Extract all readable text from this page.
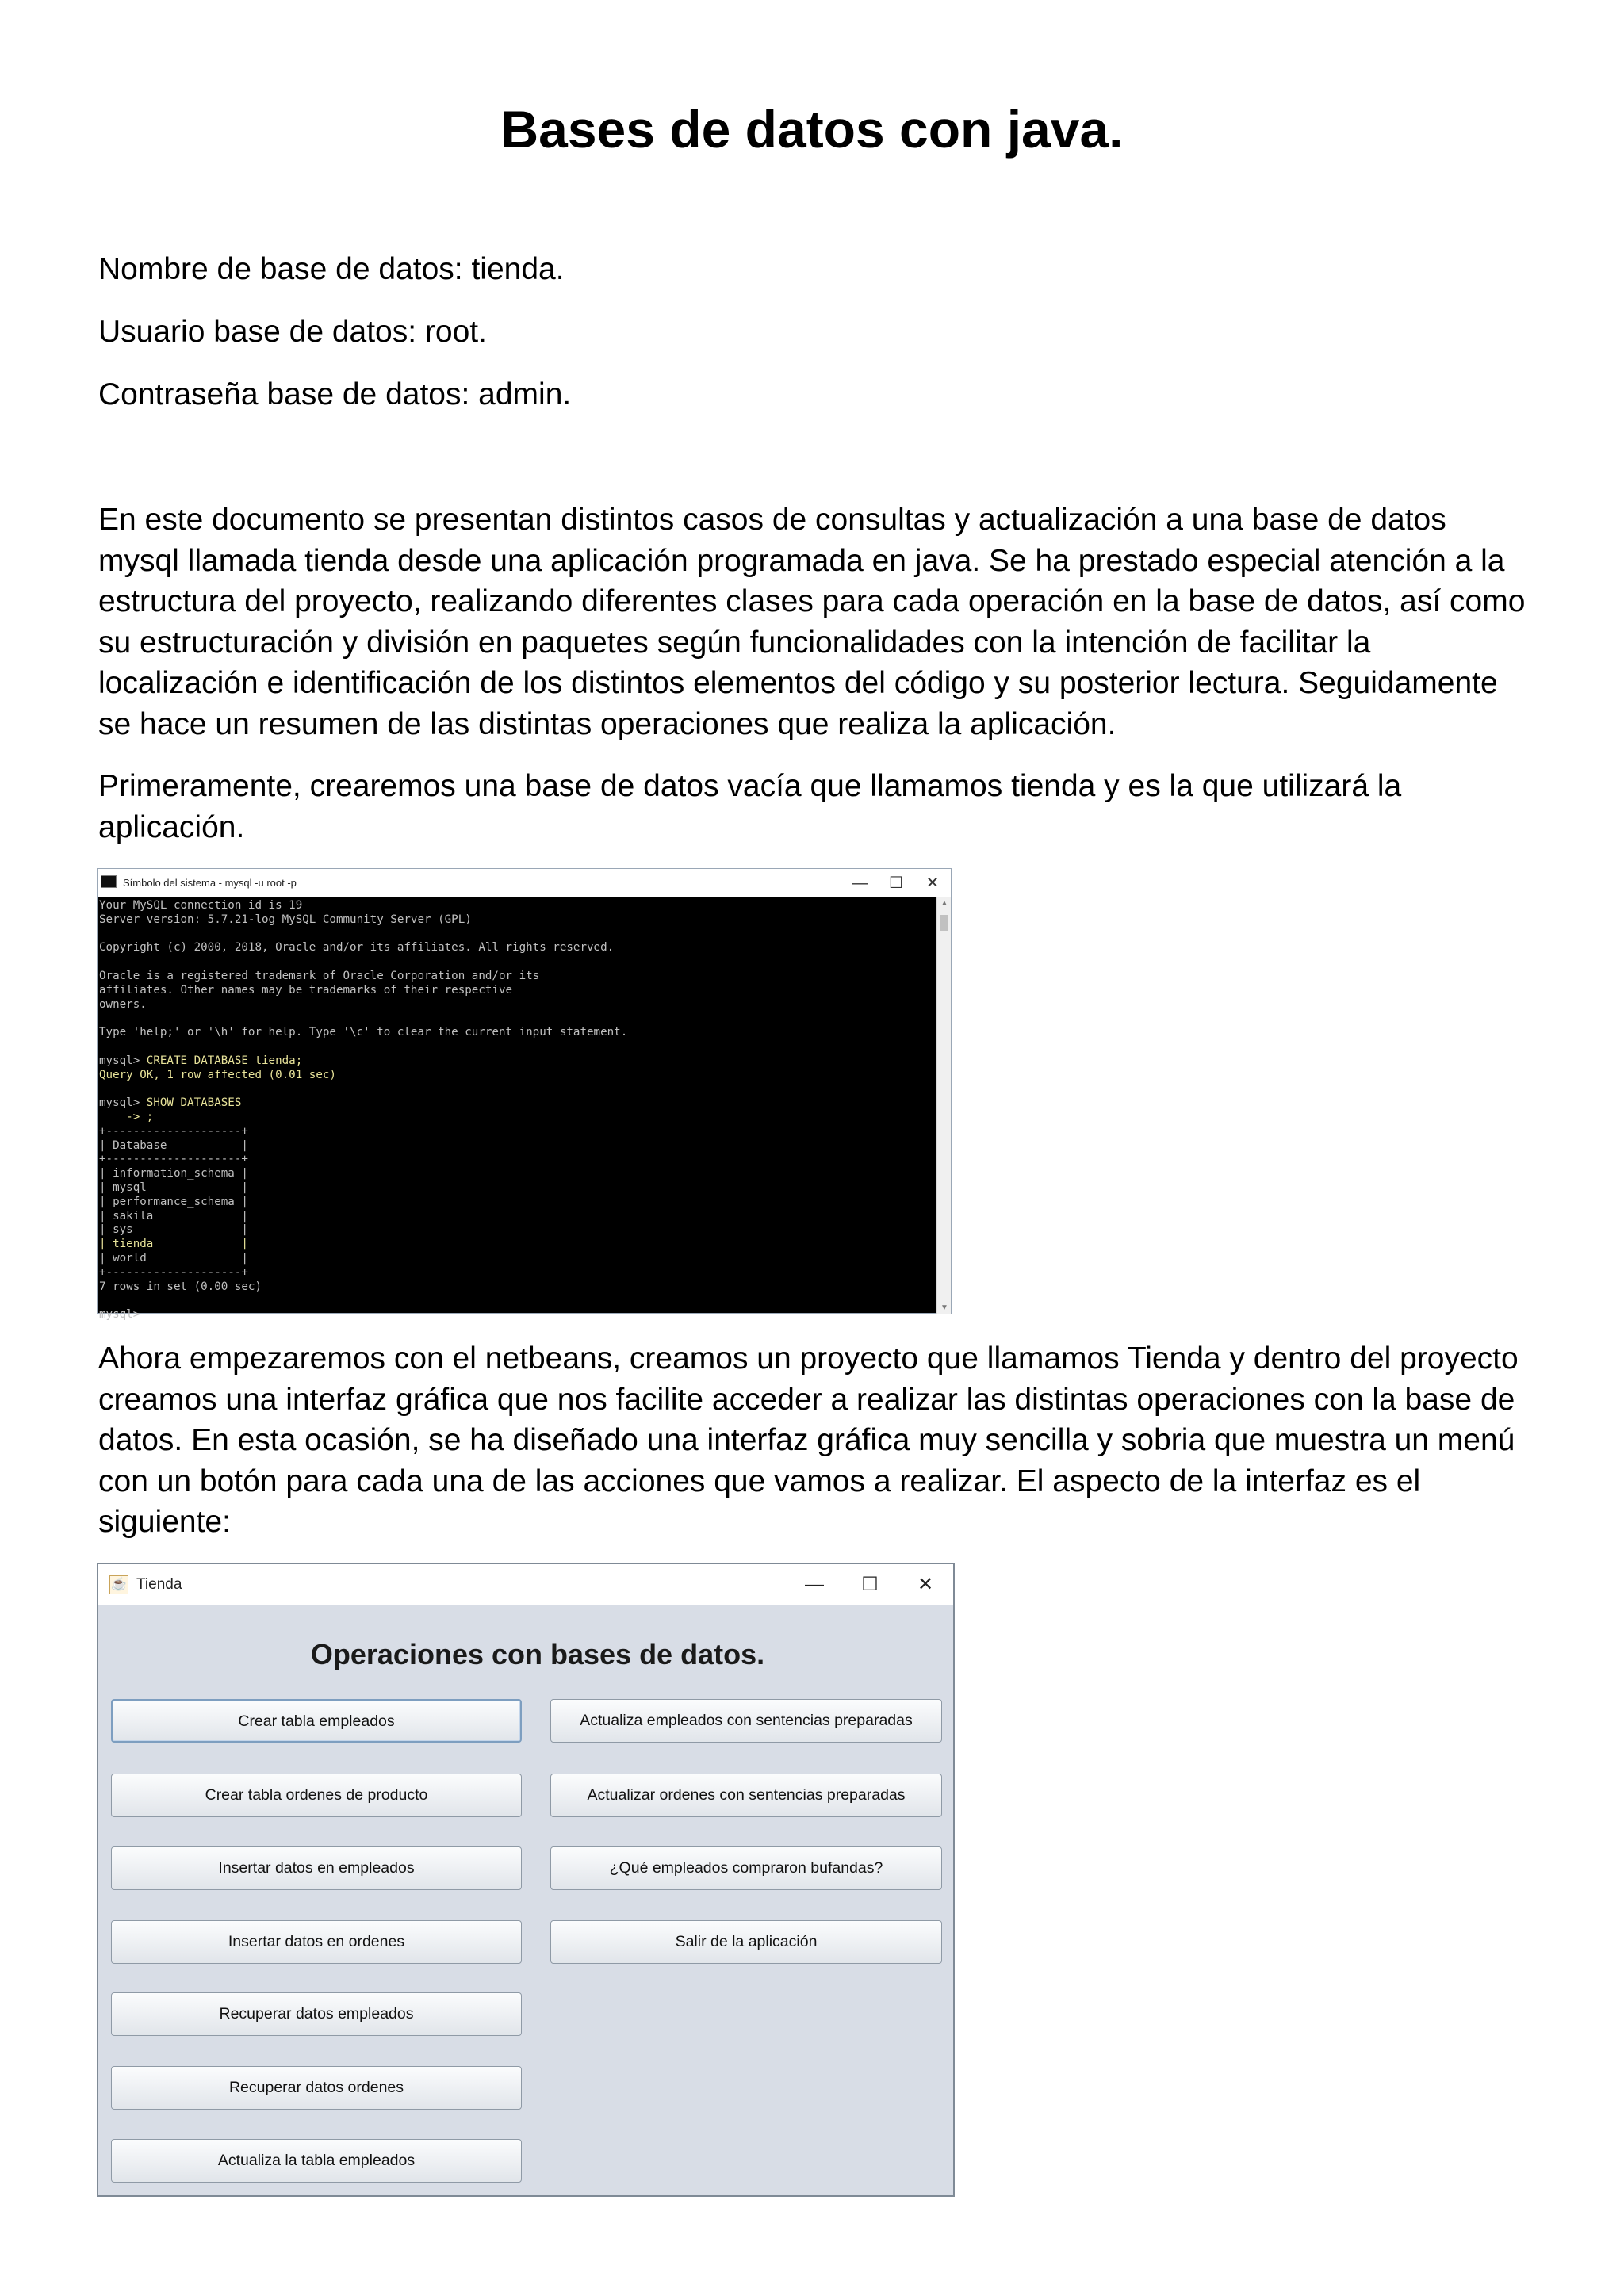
Bases de datos con java.
Nombre de base de datos: tienda.
Usuario base de datos: root.
Contraseña base de datos: admin.
En este documento se presentan distintos casos de consultas y actualización a una base de datos mysql llamada tienda desde una aplicación programada en java. Se ha prestado especial atención a la estructura del proyecto, realizando diferentes clases para cada operación en la base de datos, así como su estructuración y división en paquetes según funcionalidades con la intención de facilitar la localización e identificación de los distintos elementos del código y su posterior lectura. Seguidamente se hace un resumen de las distintas operaciones que realiza la aplicación.
Primeramente, crearemos una base de datos vacía que llamamos tienda y es la que utilizará la aplicación.
Símbolo del sistema - mysql -u root -p	—	☐	✕
Your MySQL connection id is 19
Server version: 5.7.21-log MySQL Community Server (GPL)

Copyright (c) 2000, 2018, Oracle and/or its affiliates. All rights reserved.

Oracle is a registered trademark of Oracle Corporation and/or its
affiliates. Other names may be trademarks of their respective
owners.

Type 'help;' or '\h' for help. Type '\c' to clear the current input statement.

mysql> CREATE DATABASE tienda;
Query OK, 1 row affected (0.01 sec)

mysql> SHOW DATABASES
-> ;
+--------------------+
| Database           |
+--------------------+
| information_schema |
| mysql              |
| performance_schema |
| sakila             |
| sys                |
| tienda             |
| world              |
+--------------------+
7 rows in set (0.00 sec)

mysql>
▲
▼
Ahora empezaremos con el netbeans, creamos un proyecto que llamamos Tienda y dentro del proyecto creamos una interfaz gráfica que nos facilite acceder a realizar las distintas operaciones con la base de datos. En esta ocasión, se ha diseñado una interfaz gráfica muy sencilla y sobria que muestra un menú con un botón para cada una de las acciones que vamos a realizar. El aspecto de la interfaz es el siguiente:
☕ Tienda	—	☐	✕
Operaciones con bases de datos.
Crear tabla empleados
Crear tabla ordenes de producto
Insertar datos en empleados
Insertar datos en ordenes
Recuperar datos empleados
Recuperar datos ordenes
Actualiza la tabla empleados
Actualiza empleados con sentencias preparadas
Actualizar ordenes con sentencias preparadas
¿Qué empleados compraron bufandas?
Salir de la aplicación
